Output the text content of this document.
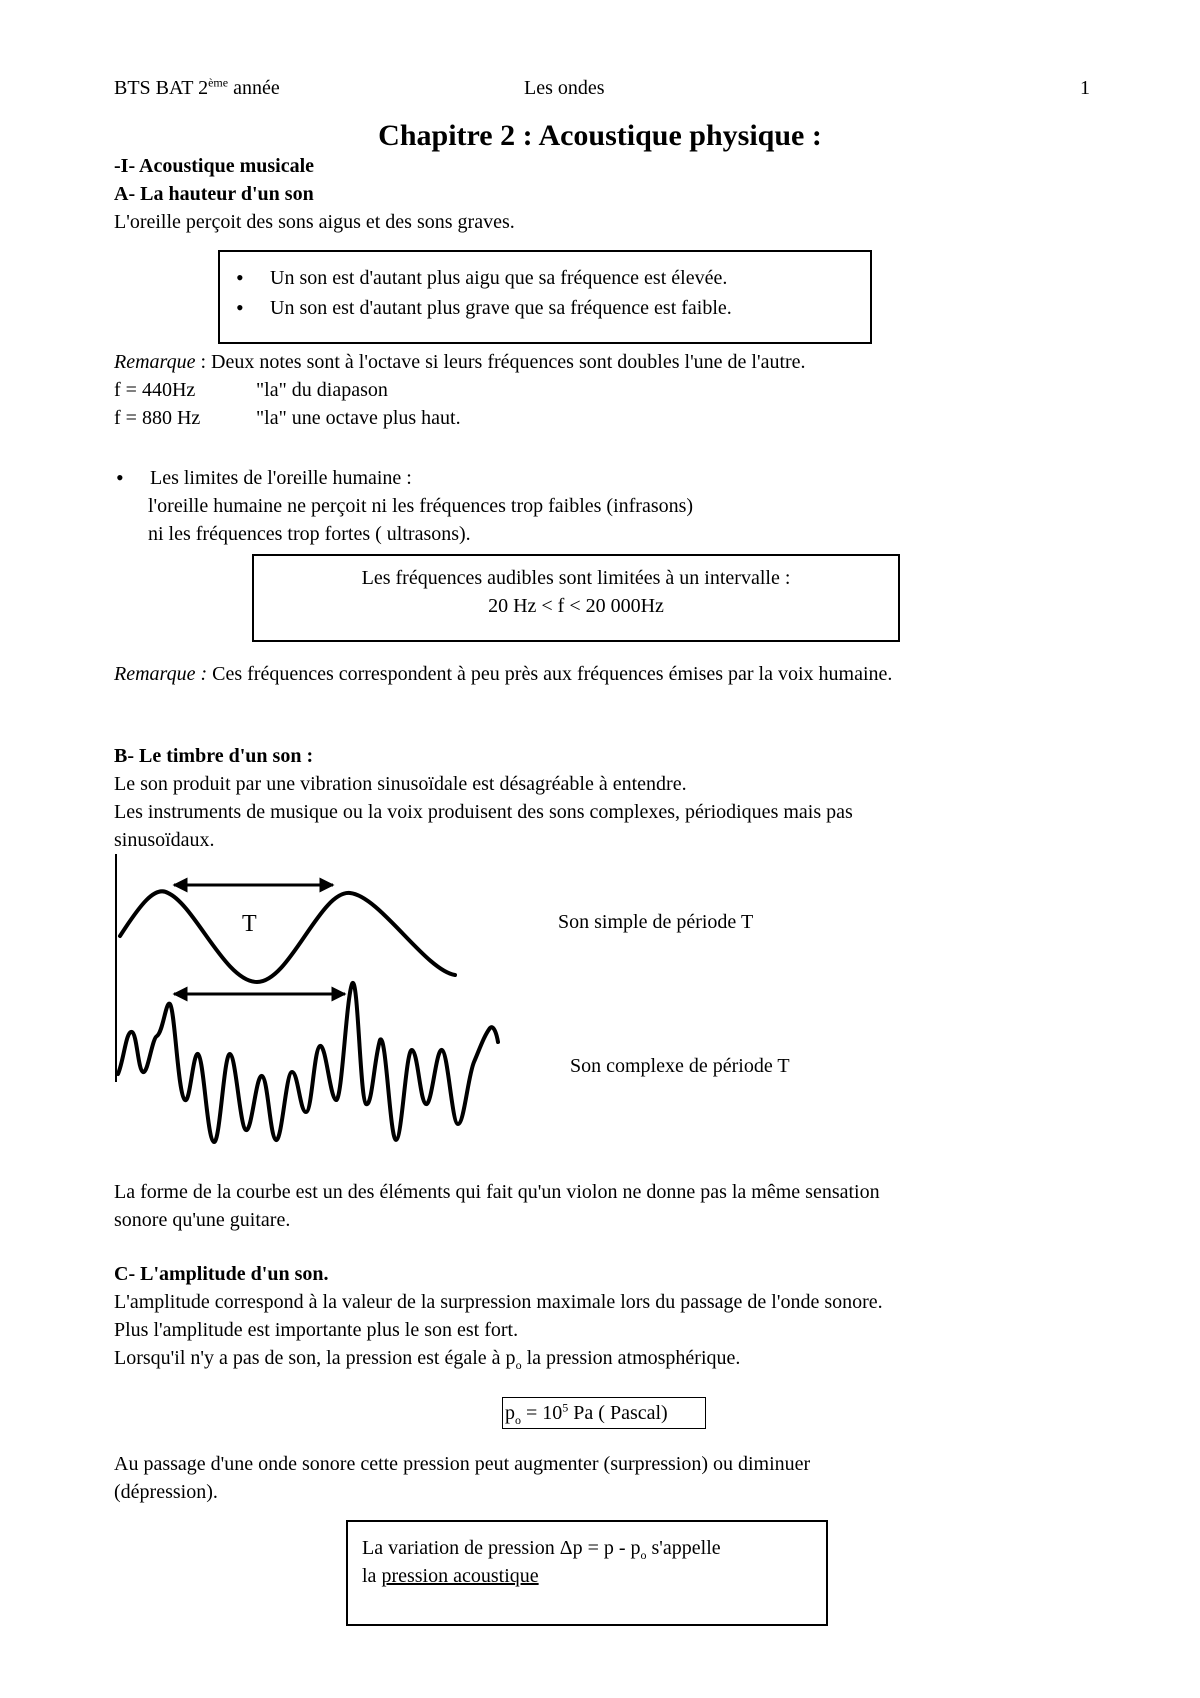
BTS BAT 2ème année	Les ondes	1
Chapitre 2 : Acoustique physique :
-I- Acoustique musicale
A- La hauteur d'un son
L'oreille perçoit des sons aigus et des sons graves.
• Un son est d'autant plus aigu que sa fréquence est élevée.
• Un son est d'autant plus grave que sa fréquence est faible.
Remarque : Deux notes sont à l'octave si leurs fréquences sont doubles l'une de l'autre.
f = 440Hz	"la" du diapason
f = 880 Hz	"la" une octave plus haut.
• Les limites de l'oreille humaine :
l'oreille humaine ne perçoit ni les fréquences trop faibles (infrasons)
ni les fréquences trop fortes ( ultrasons).
Les fréquences audibles sont limitées à un intervalle :
20 Hz < f < 20 000Hz
Remarque : Ces fréquences correspondent à peu près aux fréquences émises par la voix humaine.
B- Le timbre d'un son :
Le son produit par une vibration sinusoïdale est désagréable à entendre.
Les instruments de musique ou la voix produisent des sons complexes, périodiques mais pas
sinusoïdaux.
T	Son simple de période T
Son complexe de période T
La forme de la courbe est un des éléments qui fait qu'un violon ne donne pas la même sensation
sonore qu'une guitare.
C- L'amplitude d'un son.
L'amplitude correspond à la valeur de la surpression maximale lors du passage de l'onde sonore.
Plus l'amplitude est importante plus le son est fort.
Lorsqu'il n'y a pas de son, la pression est égale à $p_o$ la pression atmosphérique.
$p_o = 10^5$ Pa ( Pascal)
Au passage d'une onde sonore cette pression peut augmenter (surpression) ou diminuer
(dépression).
La variation de pression $\Delta p = p - p_o$ s'appelle
la pression acoustique
